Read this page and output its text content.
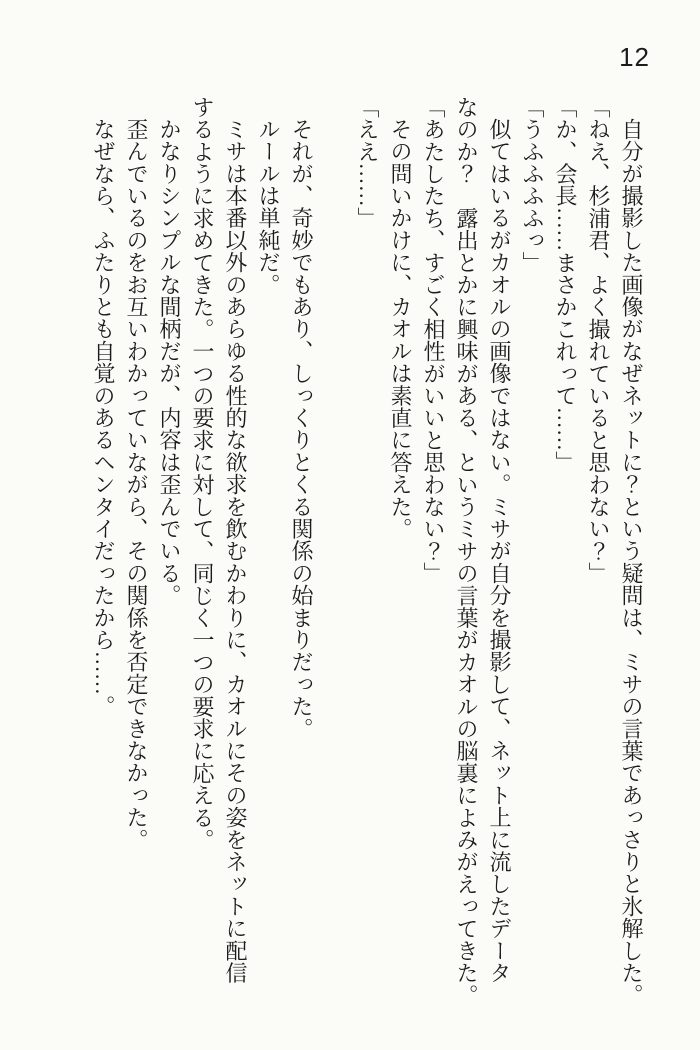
12
自分が撮影した画像がなぜネットに？という疑問は、ミサの言葉であっさりと氷解した。
「ねえ、杉浦君、よく撮れていると思わない？」
「か、会長……まさかこれって……」
「うふふふふっ」
似てはいるがカオルの画像ではない。ミサが自分を撮影して、ネット上に流したデータ
なのか？　露出とかに興味がある、というミサの言葉がカオルの脳裏によみがえってきた。
「あたしたち、すごく相性がいいと思わない？」
その問いかけに、カオルは素直に答えた。
「ええ……」
それが、奇妙でもあり、しっくりとくる関係の始まりだった。
ルールは単純だ。
ミサは本番以外のあらゆる性的な欲求を飲むかわりに、カオルにその姿をネットに配信
するように求めてきた。一つの要求に対して、同じく一つの要求に応える。
かなりシンプルな間柄だが、内容は歪んでいる。
歪んでいるのをお互いわかっていながら、その関係を否定できなかった。
なぜなら、ふたりとも自覚のあるヘンタイだったから……。
